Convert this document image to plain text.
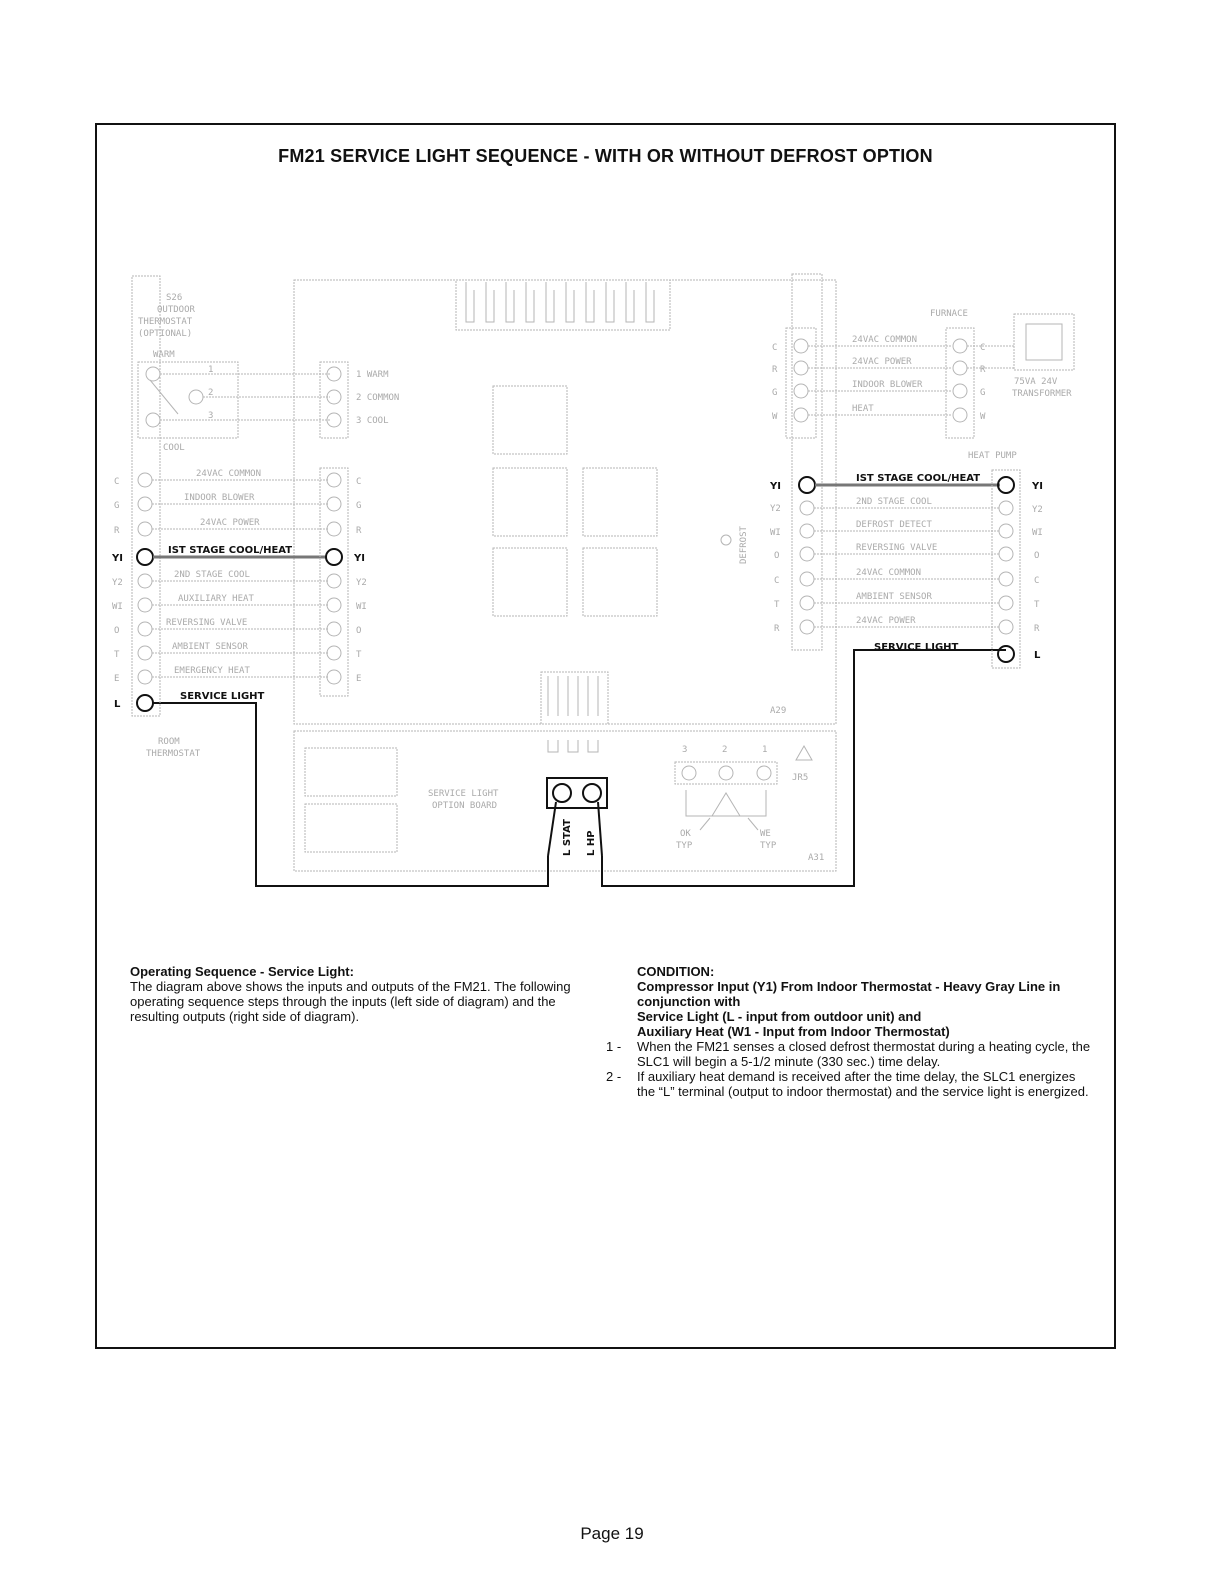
FM21 SERVICE LIGHT SEQUENCE - WITH OR WITHOUT DEFROST OPTION
A29
A31
SERVICE LIGHT
OPTION BOARD
3	2	1
JR5
OK
TYP
WE
TYP
L STAT L HP
S26
OUTDOOR
THERMOSTAT
(OPTIONAL)
WARM
1
2
3
COOL
1 WARM
2 COMMON
3 COOL
C
G
R
YI
Y2
WI
O
T
E
L
ROOM
THERMOSTAT
24VAC COMMON
INDOOR BLOWER
24VAC POWER
IST STAGE COOL/HEAT
2ND STAGE COOL
AUXILIARY HEAT
REVERSING VALVE
AMBIENT SENSOR
EMERGENCY HEAT
SERVICE LIGHT
C
G
R
YI
Y2
WI
O
T
E
FURNACE
C
R
G
W
24VAC COMMON
24VAC POWER
INDOOR BLOWER
HEAT
C
R
G
W
75VA 24V
TRANSFORMER
HEAT PUMP
DEFROST
YI
Y2
WI
O
C
T
R
IST STAGE COOL/HEAT
2ND STAGE COOL
DEFROST DETECT
REVERSING VALVE
24VAC COMMON
AMBIENT SENSOR
24VAC POWER
SERVICE LIGHT
YI
Y2
WI
O
C
T
R
L
Operating Sequence - Service Light:
The diagram above shows the inputs and outputs of the FM21. The following operating sequence steps through the inputs (left side of diagram) and the resulting outputs (right side of diagram).
CONDITION:
Compressor Input (Y1) From Indoor Thermostat - Heavy Gray Line in conjunction with
Service Light (L - input from outdoor unit) and
Auxiliary Heat (W1 - Input from Indoor Thermostat)
1 -	When the FM21 senses a closed defrost thermostat during a heating cycle, the SLC1 will begin a 5-1/2 minute (330 sec.) time delay.
2 -	If auxiliary heat demand is received after the time delay, the SLC1 energizes the “L” terminal (output to indoor thermostat) and the service light is energized.
Page 19
